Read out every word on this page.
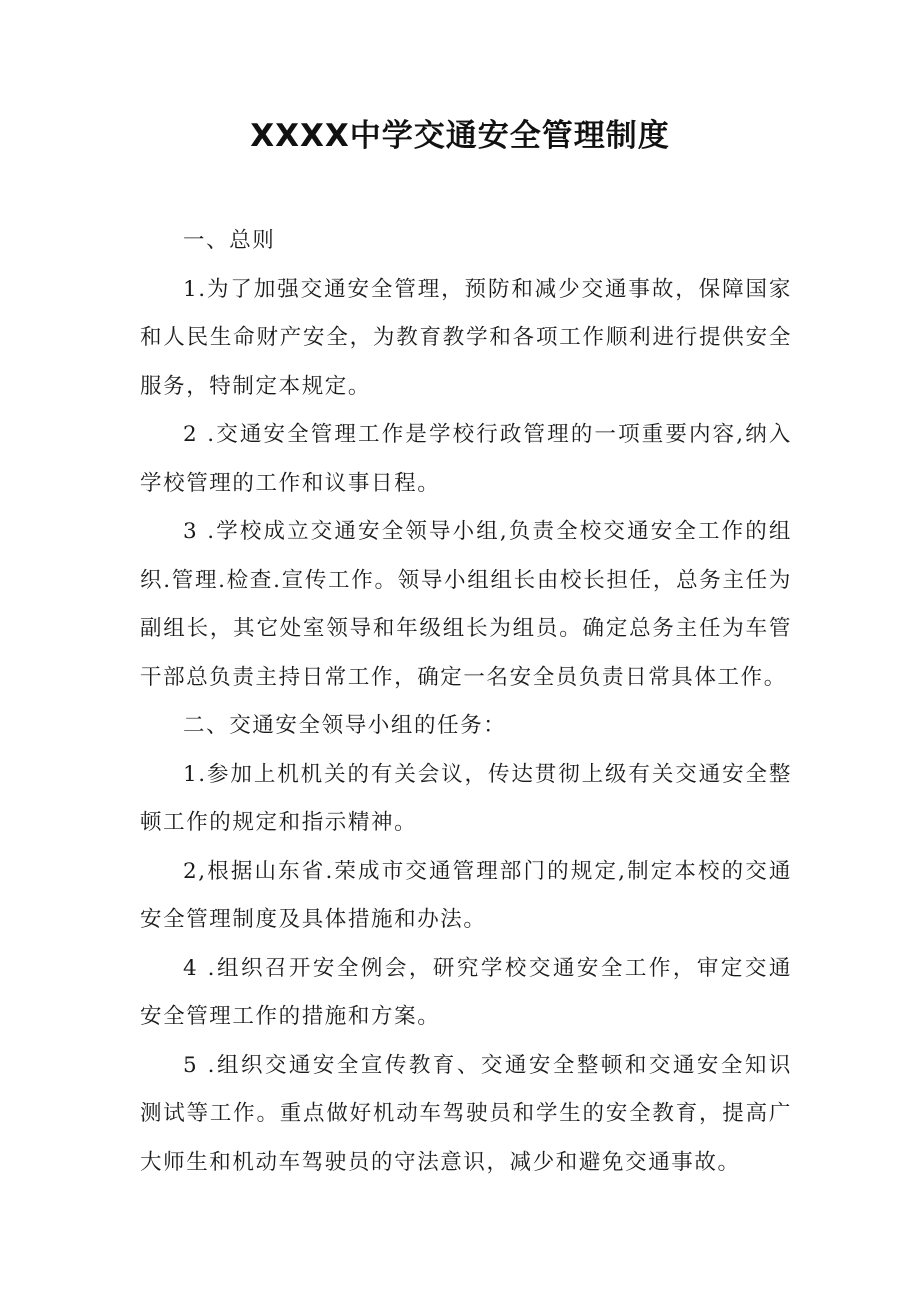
XXXX中学交通安全管理制度

一、总则

1.为了加强交通安全管理，预防和减少交通事故，保障国家和人民生命财产安全，为教育教学和各项工作顺利进行提供安全服务，特制定本规定。

2 .交通安全管理工作是学校行政管理的一项重要内容,纳入学校管理的工作和议事日程。

3 .学校成立交通安全领导小组,负责全校交通安全工作的组织.管理.检查.宣传工作。领导小组组长由校长担任，总务主任为副组长，其它处室领导和年级组长为组员。确定总务主任为车管干部总负责主持日常工作，确定一名安全员负责日常具体工作。

二、交通安全领导小组的任务：

1.参加上机机关的有关会议，传达贯彻上级有关交通安全整顿工作的规定和指示精神。

2,根据山东省.荣成市交通管理部门的规定,制定本校的交通安全管理制度及具体措施和办法。

4 .组织召开安全例会，研究学校交通安全工作，审定交通安全管理工作的措施和方案。

5 .组织交通安全宣传教育、交通安全整顿和交通安全知识测试等工作。重点做好机动车驾驶员和学生的安全教育，提高广大师生和机动车驾驶员的守法意识，减少和避免交通事故。
